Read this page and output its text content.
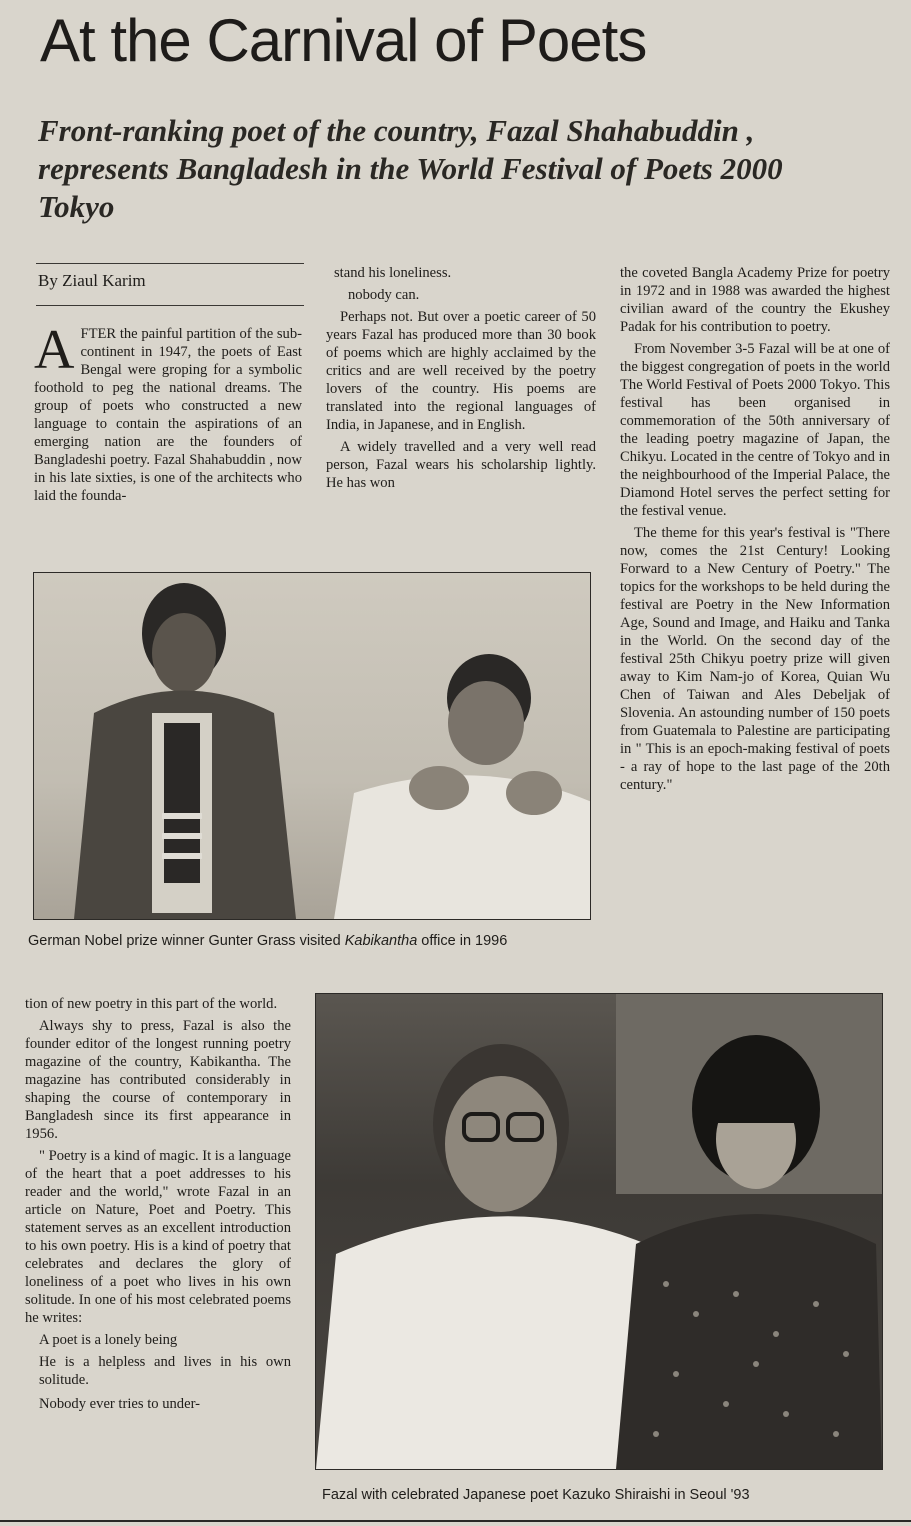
At the Carnival of Poets
Front-ranking poet of the country, Fazal Shahabuddin , represents Bangladesh in the World Festival of Poets 2000 Tokyo
By Ziaul Karim

AFTER the painful partition of the sub-continent in 1947, the poets of East Bengal were groping for a symbolic foothold to peg the national dreams. The group of poets who constructed a new language to contain the aspirations of an emerging nation are the founders of Bangladeshi poetry. Fazal Shahabuddin , now in his late sixties, is one of the architects who laid the founda-

stand his loneliness.

nobody can.

Perhaps not. But over a poetic career of 50 years Fazal has produced more than 30 book of poems which are highly acclaimed by the critics and are well received by the poetry lovers of the country. His poems are translated into the regional languages of India, in Japanese, and in English.

A widely travelled and a very well read person, Fazal wears his scholarship lightly. He has won

the coveted Bangla Academy Prize for poetry in 1972 and in 1988 was awarded the highest civilian award of the country the Ekushey Padak for his contribution to poetry.

From November 3-5 Fazal will be at one of the biggest congregation of poets in the world The World Festival of Poets 2000 Tokyo. This festival has been organised in commemoration of the 50th anniversary of the leading poetry magazine of Japan, the Chikyu. Located in the centre of Tokyo and in the neighbourhood of the Imperial Palace, the Diamond Hotel serves the perfect setting for the festival venue.

The theme for this year's festival is "There now, comes the 21st Century! Looking Forward to a New Century of Poetry." The topics for the workshops to be held during the festival are Poetry in the New Information Age, Sound and Image, and Haiku and Tanka in the World. On the second day of the festival 25th Chikyu poetry prize will given away to Kim Nam-jo of Korea, Quian Wu Chen of Taiwan and Ales Debeljak of Slovenia. An astounding number of 150 poets from Guatemala to Palestine are participating in " This is an epoch-making festival of poets - a ray of hope to the last page of the 20th century."

German Nobel prize winner Gunter Grass visited Kabikantha office in 1996

tion of new poetry in this part of the world.

Always shy to press, Fazal is also the founder editor of the longest running poetry magazine of the country, Kabikantha. The magazine has contributed considerably in shaping the course of contemporary in Bangladesh since its first appearance in 1956.

" Poetry is a kind of magic. It is a language of the heart that a poet addresses to his reader and the world," wrote Fazal in an article on Nature, Poet and Poetry. This statement serves as an excellent introduction to his own poetry. His is a kind of poetry that celebrates and declares the glory of loneliness of a poet who lives in his own solitude. In one of his most celebrated poems he writes:

A poet is a lonely being

He is a helpless and lives in his own solitude.

Nobody ever tries to under-

Fazal with celebrated Japanese poet Kazuko Shiraishi in Seoul '93
